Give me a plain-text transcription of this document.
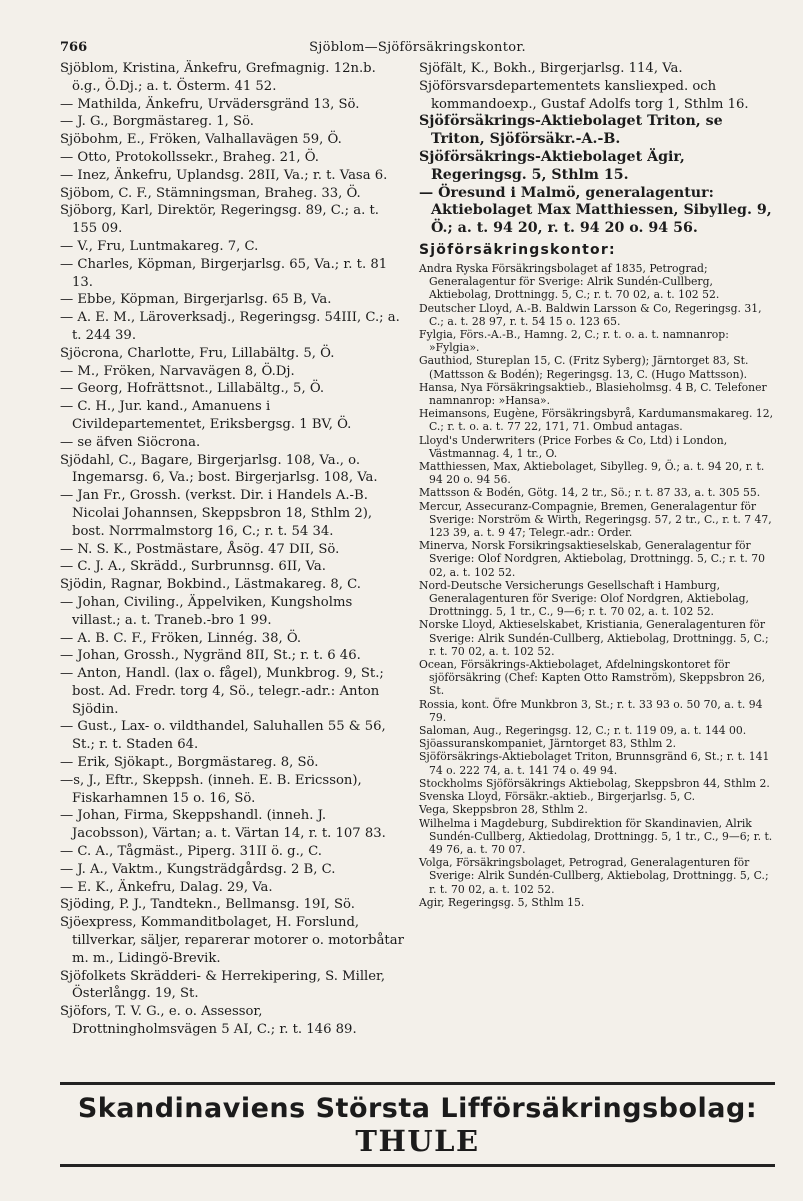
766	Sjöblom—Sjöförsäkringskontor.

Sjöblom, Kristina, Änkefru, Grefmagnig. 12n.b. ö.g., Ö.Dj.; a. t. Österm. 41 52.

— Mathilda, Änkefru, Urvädersgränd 13, Sö.

— J. G., Borgmästareg. 1, Sö.

Sjöbohm, E., Fröken, Valhallavägen 59, Ö.

— Otto, Protokollssekr., Braheg. 21, Ö.

— Inez, Änkefru, Uplandsg. 28II, Va.; r. t. Vasa 6.

Sjöbom, C. F., Stämningsman, Braheg. 33, Ö.

Sjöborg, Karl, Direktör, Regeringsg. 89, C.; a. t. 155 09.

— V., Fru, Luntmakareg. 7, C.

— Charles, Köpman, Birgerjarlsg. 65, Va.; r. t. 81 13.

— Ebbe, Köpman, Birgerjarlsg. 65 B, Va.

— A. E. M., Läroverksadj., Regeringsg. 54III, C.; a. t. 244 39.

Sjöcrona, Charlotte, Fru, Lillabältg. 5, Ö.

— M., Fröken, Narvavägen 8, Ö.Dj.

— Georg, Hofrättsnot., Lillabältg., 5, Ö.

— C. H., Jur. kand., Amanuens i Civildepartementet, Eriksbergsg. 1 BV, Ö.

— se äfven Siöcrona.

Sjödahl, C., Bagare, Birgerjarlsg. 108, Va., o. Ingemarsg. 6, Va.; bost. Birgerjarlsg. 108, Va.

— Jan Fr., Grossh. (verkst. Dir. i Handels A.-B. Nicolai Johannsen, Skeppsbron 18, Sthlm 2), bost. Norrmalmstorg 16, C.; r. t. 54 34.

— N. S. K., Postmästare, Åsög. 47 DII, Sö.

— C. J. A., Skrädd., Surbrunnsg. 6II, Va.

Sjödin, Ragnar, Bokbind., Lästmakareg. 8, C.

— Johan, Civiling., Äppelviken, Kungsholms villast.; a. t. Traneb.-bro 1 99.

— A. B. C. F., Fröken, Linnég. 38, Ö.

— Johan, Grossh., Nygränd 8II, St.; r. t. 6 46.

— Anton, Handl. (lax o. fågel), Munkbrog. 9, St.; bost. Ad. Fredr. torg 4, Sö., telegr.-adr.: Anton Sjödin.

— Gust., Lax- o. vildthandel, Saluhallen 55 & 56, St.; r. t. Staden 64.

— Erik, Sjökapt., Borgmästareg. 8, Sö.

—s, J., Eftr., Skeppsh. (inneh. E. B. Ericsson), Fiskarhamnen 15 o. 16, Sö.

— Johan, Firma, Skeppshandl. (inneh. J. Jacobsson), Värtan; a. t. Värtan 14, r. t. 107 83.

— C. A., Tågmäst., Piperg. 31II ö. g., C.

— J. A., Vaktm., Kungsträdgårdsg. 2 B, C.

— E. K., Änkefru, Dalag. 29, Va.

Sjöding, P. J., Tandtekn., Bellmansg. 19I, Sö.

Sjöexpress, Kommanditbolaget, H. Forslund, tillverkar, säljer, reparerar motorer o. motorbåtar m. m., Lidingö-Brevik.

Sjöfolkets Skrädderi- & Herrekipering, S. Miller, Österlångg. 19, St.

Sjöfors, T. V. G., e. o. Assessor, Drottningholmsvägen 5 AI, C.; r. t. 146 89.

Sjöfält, K., Bokh., Birgerjarlsg. 114, Va.

Sjöförsvarsdepartementets kansliexped. och kommandoexp., Gustaf Adolfs torg 1, Sthlm 16.

Sjöförsäkrings-Aktiebolaget Triton, se Triton, Sjöförsäkr.-A.-B.

Sjöförsäkrings-Aktiebolaget Ägir, Regeringsg. 5, Sthlm 15.

— Öresund i Malmö, generalagentur: Aktiebolaget Max Matthiessen, Sibylleg. 9, Ö.; a. t. 94 20, r. t. 94 20 o. 94 56.

Sjöförsäkringskontor:

Andra Ryska Försäkringsbolaget af 1835, Petrograd; Generalagentur för Sverige: Alrik Sundén-Cullberg, Aktiebolag, Drottningg. 5, C.; r. t. 70 02, a. t. 102 52.

Deutscher Lloyd, A.-B. Baldwin Larsson & Co, Regeringsg. 31, C.; a. t. 28 97, r. t. 54 15 o. 123 65.

Fylgia, Förs.-A.-B., Hamng. 2, C.; r. t. o. a. t. namnanrop: »Fylgia».

Gauthiod, Stureplan 15, C. (Fritz Syberg); Järntorget 83, St. (Mattsson & Bodén); Regeringsg. 13, C. (Hugo Mattsson).

Hansa, Nya Försäkringsaktieb., Blasieholmsg. 4 B, C. Telefoner namnanrop: »Hansa».

Heimansons, Eugène, Försäkringsbyrå, Kardumansmakareg. 12, C.; r. t. o. a. t. 77 22, 171, 71. Ombud antagas.

Lloyd's Underwriters (Price Forbes & Co, Ltd) i London, Västmannag. 4, 1 tr., O.

Matthiessen, Max, Aktiebolaget, Sibylleg. 9, Ö.; a. t. 94 20, r. t. 94 20 o. 94 56.

Mattsson & Bodén, Götg. 14, 2 tr., Sö.; r. t. 87 33, a. t. 305 55.

Mercur, Assecuranz-Compagnie, Bremen, Generalagentur för Sverige: Norström & Wirth, Regeringsg. 57, 2 tr., C., r. t. 7 47, 123 39, a. t. 9 47; Telegr.-adr.: Order.

Minerva, Norsk Forsikringsaktieselskab, Generalagentur för Sverige: Olof Nordgren, Aktiebolag, Drottningg. 5, C.; r. t. 70 02, a. t. 102 52.

Nord-Deutsche Versicherungs Gesellschaft i Hamburg, Generalagenturen för Sverige: Olof Nordgren, Aktiebolag, Drottningg. 5, 1 tr., C., 9—6; r. t. 70 02, a. t. 102 52.

Norske Lloyd, Aktieselskabet, Kristiania, Generalagenturen för Sverige: Alrik Sundén-Cullberg, Aktiebolag, Drottningg. 5, C.; r. t. 70 02, a. t. 102 52.

Ocean, Försäkrings-Aktiebolaget, Afdelningskontoret för sjöförsäkring (Chef: Kapten Otto Ramström), Skeppsbron 26, St.

Rossia, kont. Öfre Munkbron 3, St.; r. t. 33 93 o. 50 70, a. t. 94 79.

Saloman, Aug., Regeringsg. 12, C.; r. t. 119 09, a. t. 144 00.

Sjöassuranskompaniet, Järntorget 83, Sthlm 2.

Sjöförsäkrings-Aktiebolaget Triton, Brunnsgränd 6, St.; r. t. 141 74 o. 222 74, a. t. 141 74 o. 49 94.

Stockholms Sjöförsäkrings Aktiebolag, Skeppsbron 44, Sthlm 2.

Svenska Lloyd, Försäkr.-aktieb., Birgerjarlsg. 5, C.

Vega, Skeppsbron 28, Sthlm 2.

Wilhelma i Magdeburg, Subdirektion för Skandinavien, Alrik Sundén-Cullberg, Aktiedolag, Drottningg. 5, 1 tr., C., 9—6; r. t. 49 76, a. t. 70 07.

Volga, Försäkringsbolaget, Petrograd, Generalagenturen för Sverige: Alrik Sundén-Cullberg, Aktiebolag, Drottningg. 5, C.; r. t. 70 02, a. t. 102 52.

Agir, Regeringsg. 5, Sthlm 15.

Skandinaviens Största Lifförsäkringsbolag: THULE
